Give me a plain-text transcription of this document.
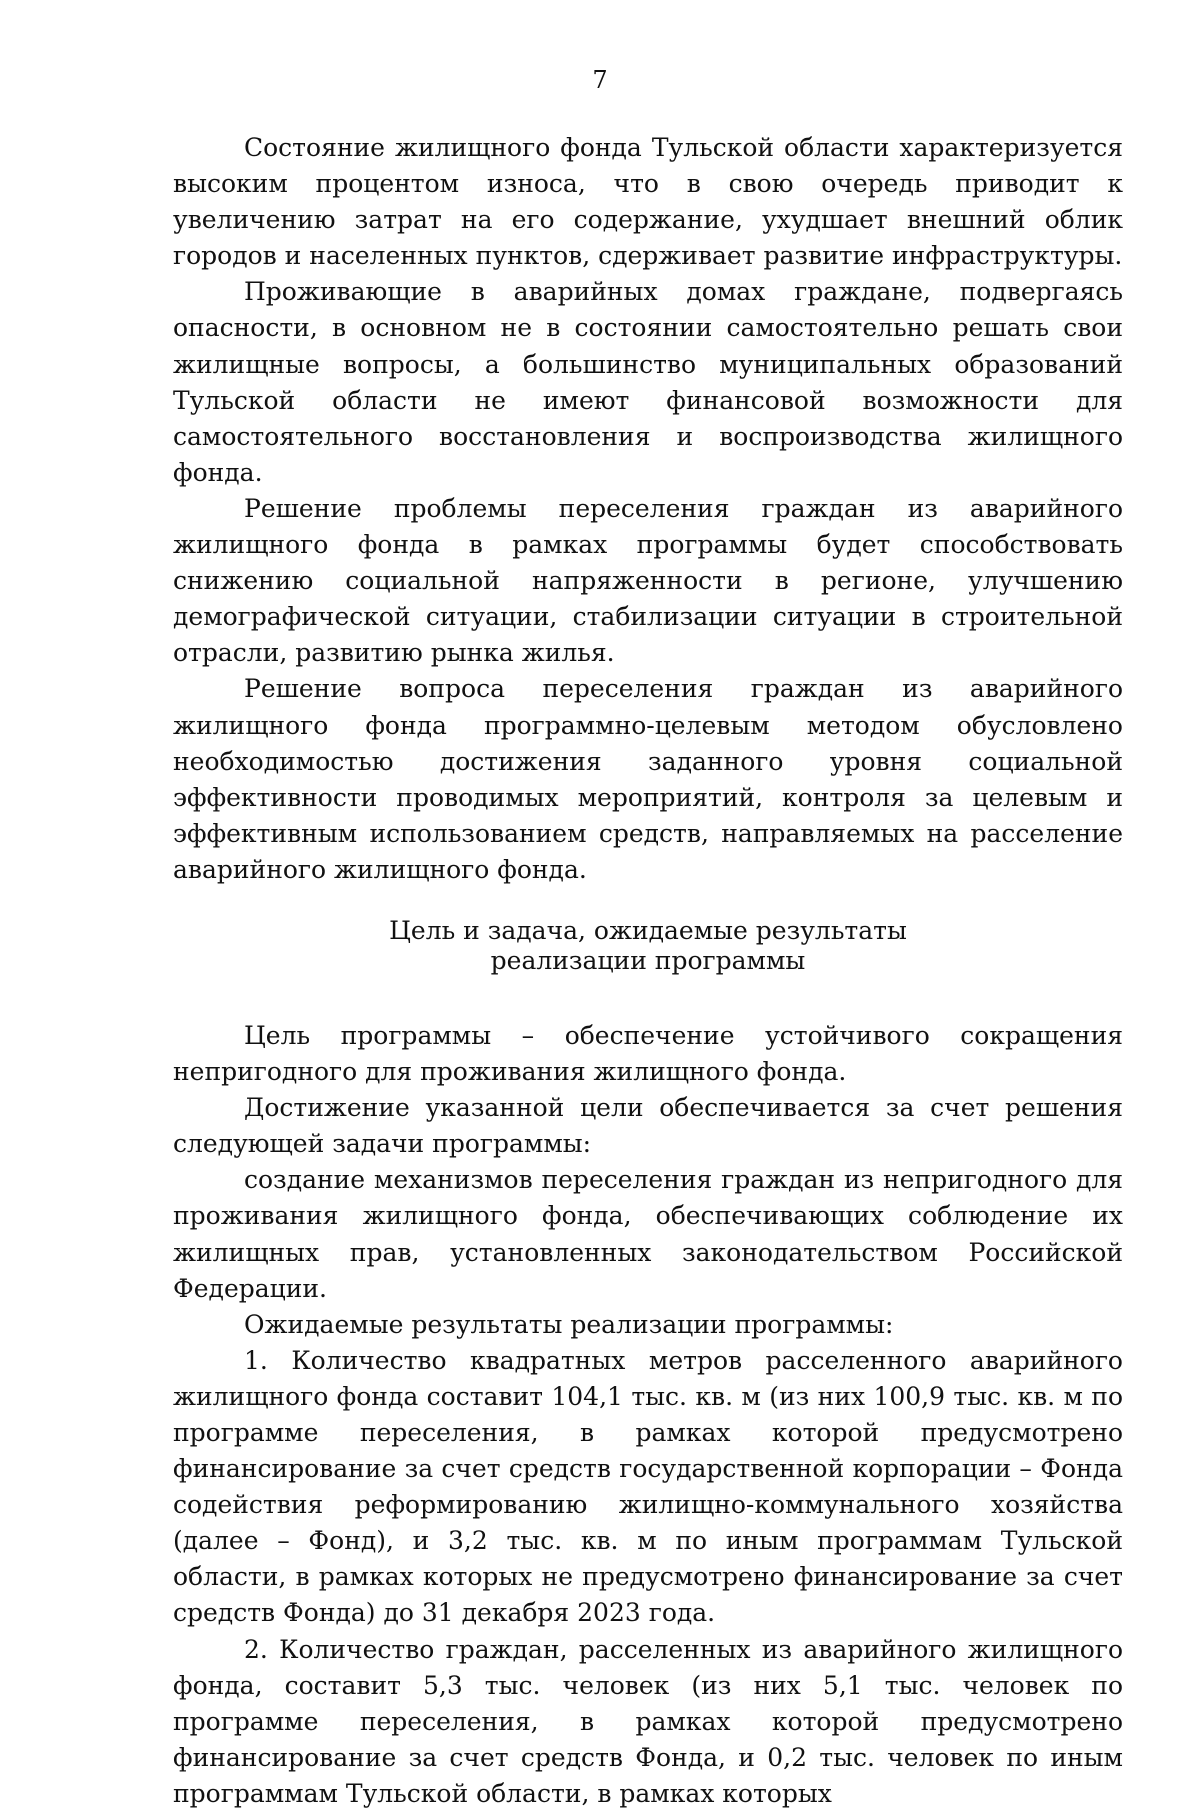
7

Состояние жилищного фонда Тульской области характеризуется высоким процентом износа, что в свою очередь приводит к увеличению затрат на его содержание, ухудшает внешний облик городов и населенных пунктов, сдерживает развитие инфраструктуры.

Проживающие в аварийных домах граждане, подвергаясь опасности, в основном не в состоянии самостоятельно решать свои жилищные вопросы, а большинство муниципальных образований Тульской области не имеют финансовой возможности для самостоятельного восстановления и воспроизводства жилищного фонда.

Решение проблемы переселения граждан из аварийного жилищного фонда в рамках программы будет способствовать снижению социальной напряженности в регионе, улучшению демографической ситуации, стабилизации ситуации в строительной отрасли, развитию рынка жилья.

Решение вопроса переселения граждан из аварийного жилищного фонда программно-целевым методом обусловлено необходимостью достижения заданного уровня социальной эффективности проводимых мероприятий, контроля за целевым и эффективным использованием средств, направляемых на расселение аварийного жилищного фонда.

Цель и задача, ожидаемые результаты
реализации программы

Цель программы – обеспечение устойчивого сокращения непригодного для проживания жилищного фонда.

Достижение указанной цели обеспечивается за счет решения следующей задачи программы:

создание механизмов переселения граждан из непригодного для проживания жилищного фонда, обеспечивающих соблюдение их жилищных прав, установленных законодательством Российской Федерации.

Ожидаемые результаты реализации программы:

1. Количество квадратных метров расселенного аварийного жилищного фонда составит 104,1 тыс. кв. м (из них 100,9 тыс. кв. м по программе переселения, в рамках которой предусмотрено финансирование за счет средств государственной корпорации – Фонда содействия реформированию жилищно-коммунального хозяйства (далее – Фонд), и 3,2 тыс. кв. м по иным программам Тульской области, в рамках которых не предусмотрено финансирование за счет средств Фонда) до 31 декабря 2023 года.

2. Количество граждан, расселенных из аварийного жилищного фонда, составит 5,3 тыс. человек (из них 5,1 тыс. человек по программе переселения, в рамках которой предусмотрено финансирование за счет средств Фонда, и 0,2 тыс. человек по иным программам Тульской области, в рамках которых
